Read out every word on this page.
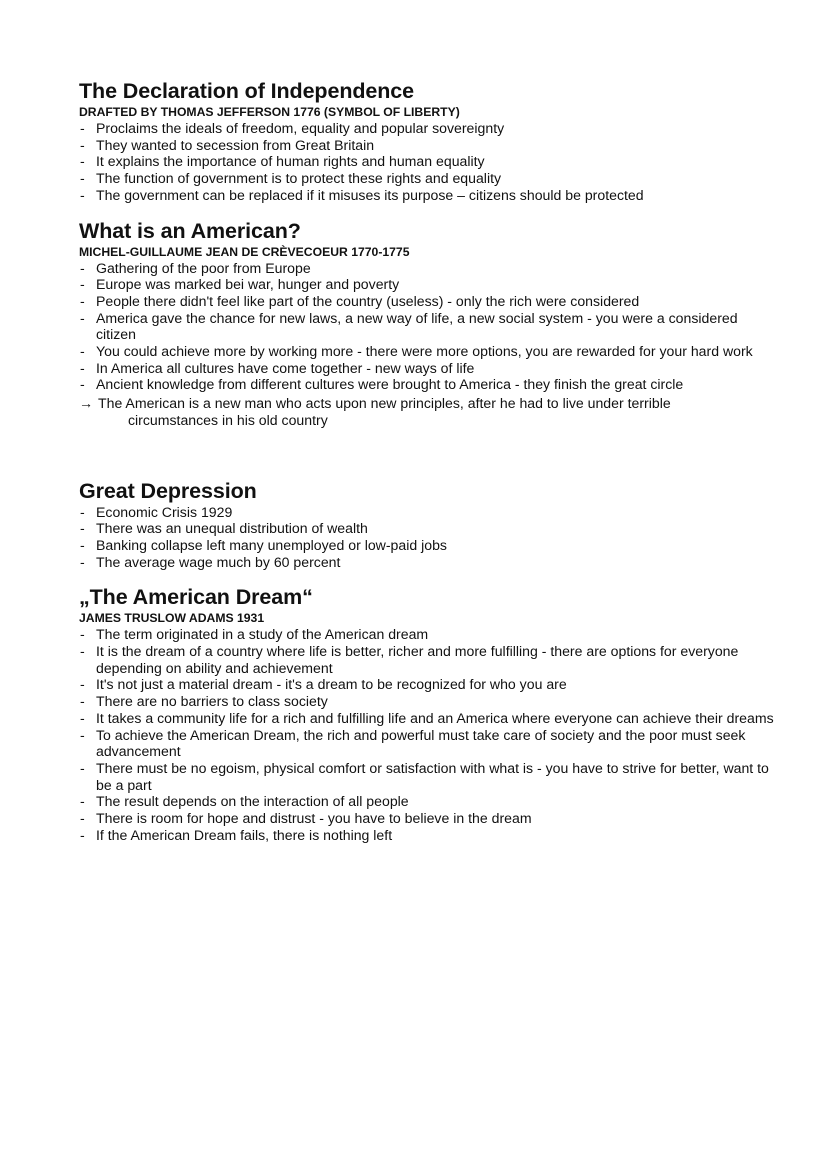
The Declaration of Independence
DRAFTED BY THOMAS JEFFERSON 1776 (SYMBOL OF LIBERTY)
- Proclaims the ideals of freedom, equality and popular sovereignty
- They wanted to secession from Great Britain
- It explains the importance of human rights and human equality
- The function of government is to protect these rights and equality
- The government can be replaced if it misuses its purpose – citizens should be protected
What is an American?
MICHEL-GUILLAUME JEAN DE CRÈVECOEUR 1770-1775
- Gathering of the poor from Europe
- Europe was marked bei war, hunger and poverty
- People there didn't feel like part of the country (useless) - only the rich were considered
- America gave the chance for new laws, a new way of life, a new social system - you were a considered citizen
- You could achieve more by working more - there were more options, you are rewarded for your hard work
- In America all cultures have come together - new ways of life
- Ancient knowledge from different cultures were brought to America - they finish the great circle
→ The American is a new man who acts upon new principles, after he had to live under terrible
circumstances in his old country
Great Depression
- Economic Crisis 1929
- There was an unequal distribution of wealth
- Banking collapse left many unemployed or low-paid jobs
- The average wage much by 60 percent
„The American Dream“
JAMES TRUSLOW ADAMS 1931
- The term originated in a study of the American dream
- It is the dream of a country where life is better, richer and more fulfilling - there are options for everyone depending on ability and achievement
- It's not just a material dream - it's a dream to be recognized for who you are
- There are no barriers to class society
- It takes a community life for a rich and fulfilling life and an America where everyone can achieve their dreams
- To achieve the American Dream, the rich and powerful must take care of society and the poor must seek advancement
- There must be no egoism, physical comfort or satisfaction with what is - you have to strive for better, want to be a part
- The result depends on the interaction of all people
- There is room for hope and distrust - you have to believe in the dream
- If the American Dream fails, there is nothing left
